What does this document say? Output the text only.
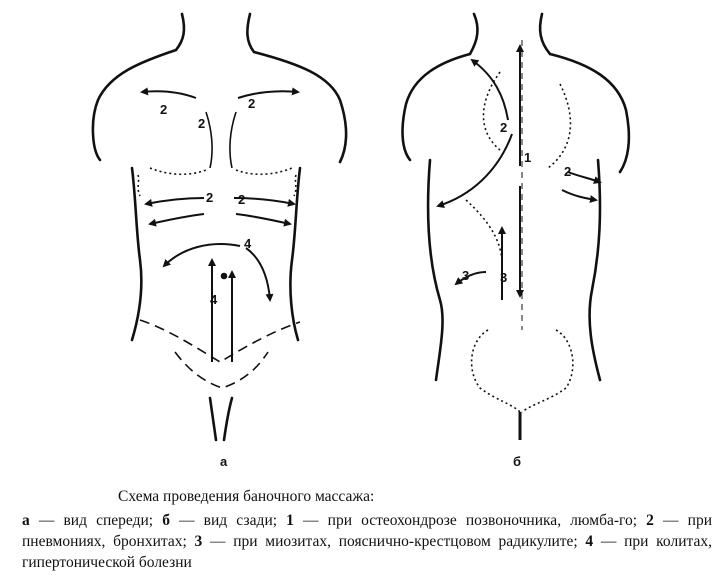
2	2
2
2 2
4
4
2
1
2
3 3
а	б
Схема проведения баночного массажа:
а — вид спереди; б — вид сзади; 1 — при остеохондрозе позвоночника, люмба-го; 2 — при пневмониях, бронхитах; 3 — при миозитах, пояснично-крестцовом радикулите; 4 — при колитах, гипертонической болезни
